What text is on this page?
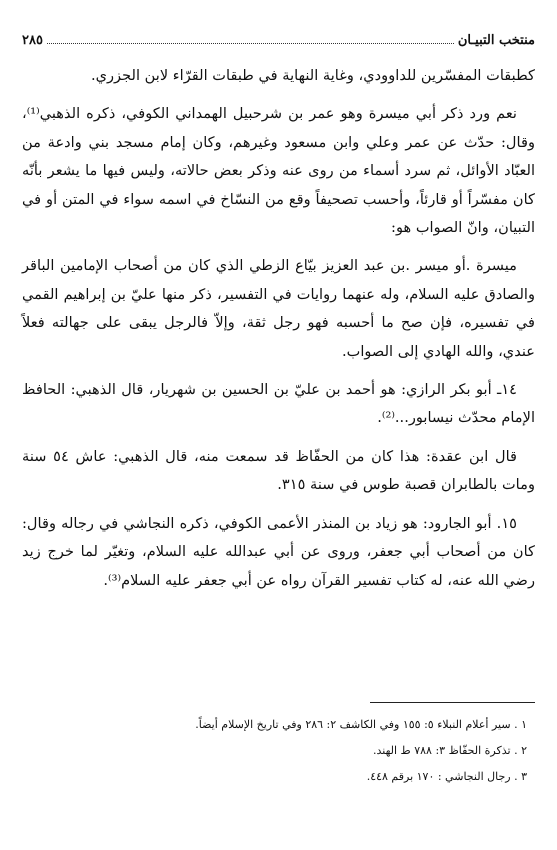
منتخب التبيـان
٢٨٥

كطبقات المفسّرين للداوودي، وغاية النهاية في طبقات القرّاء لابن الجزري.

نعم ورد ذكر أبي ميسرة وهو عمر بن شرحبيل الهمداني الكوفي، ذكره الذهبي⁽¹⁾، وقال: حدّث عن عمر وعلي وابن مسعود وغيرهم، وكان إمام مسجد بني وادعة من العبّاد الأوائل، ثم سرد أسماء من روى عنه وذكر بعض حالاته، وليس فيها ما يشعر بأنّه كان مفسّراً أو قارئاً، وأحسب تصحيفاً وقع من النسّاخ في اسمه سواء في المتن أو في التبيان، وانّ الصواب هو:

ميسرة .أو ميسر .بن عبد العزيز بيّاع الزطي الذي كان من أصحاب الإمامين الباقر والصادق عليه السلام، وله عنهما روايات في التفسير، ذكر منها عليّ بن إبراهيم القمي في تفسيره، فإن صح ما أحسبه فهو رجل ثقة، وإلاّ فالرجل يبقى على جهالته فعلاً عندي، والله الهادي إلى الصواب.

١٤ـ أبو بكر الرازي: هو أحمد بن عليّ بن الحسين بن شهريار، قال الذهبي: الحافظ الإمام محدّث نيسابور...⁽²⁾.

قال ابن عقدة: هذا كان من الحفّاظ قد سمعت منه، قال الذهبي: عاش ٥٤ سنة ومات بالطابران قصبة طوس في سنة ٣١٥.

١٥. أبو الجارود: هو زياد بن المنذر الأعمى الكوفي، ذكره النجاشي في رجاله وقال: كان من أصحاب أبي جعفر، وروى عن أبي عبدالله عليه السلام، وتغيّر لما خرج زيد رضي الله عنه، له كتاب تفسير القرآن رواه عن أبي جعفر عليه السلام⁽³⁾.

١ . سير أعلام النبلاء ٥: ١٥٥ وفي الكاشف ٢: ٢٨٦ وفي تاريخ الإسلام أيضاً.
٢ . تذكرة الحفّاظ ٣: ٧٨٨ ط الهند.
٣ . رجال النجاشي : ١٧٠ برقم ٤٤٨.
